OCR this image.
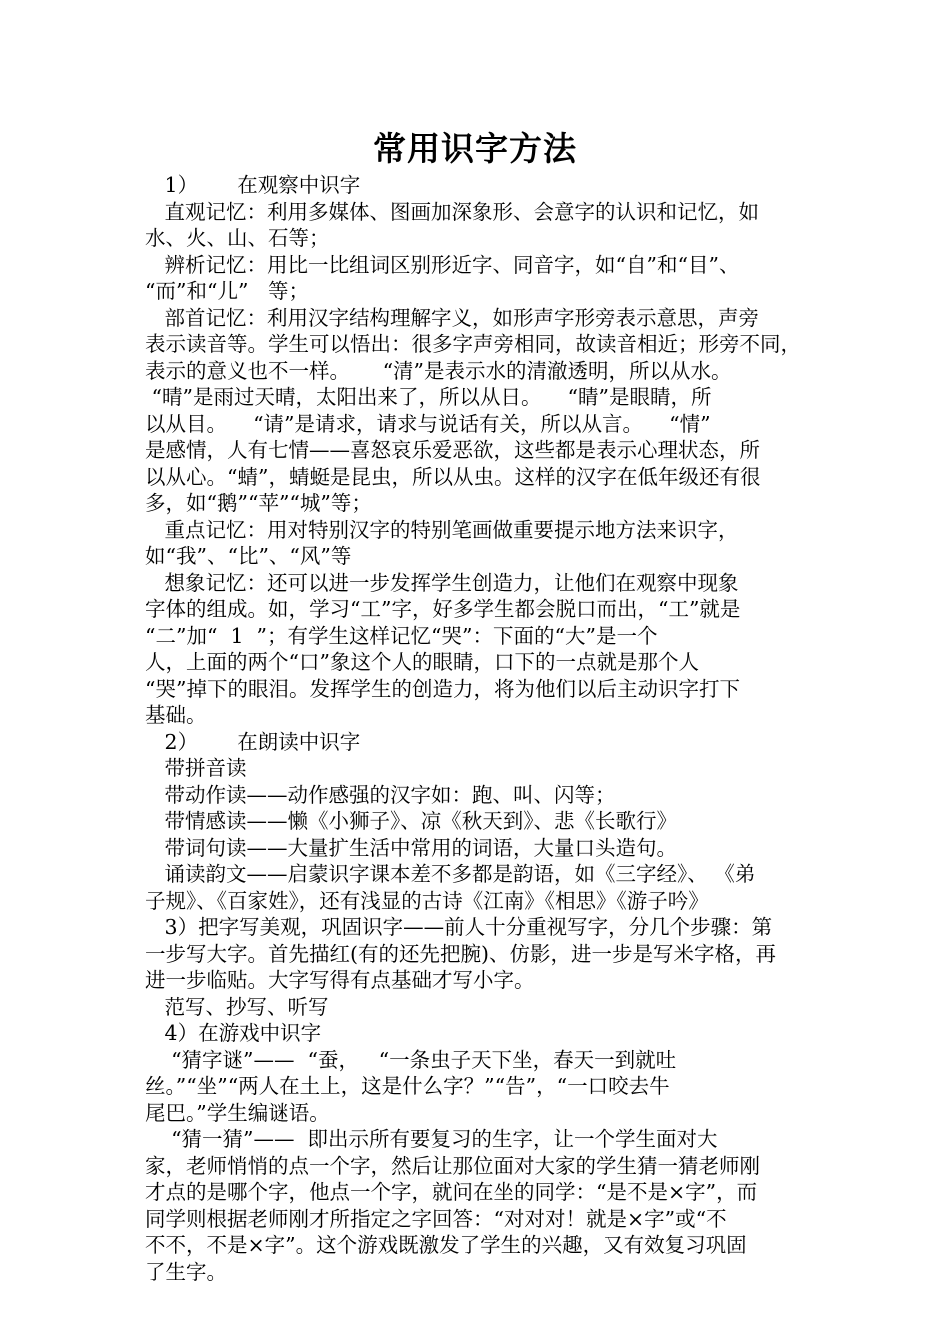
常用识字方法
1）      在观察中识字
直观记忆：利用多媒体、图画加深象形、会意字的认识和记忆，如
水、火、山、石等；
辨析记忆：用比一比组词区别形近字、同音字，如“自”和“目”、
“而”和“儿”   等；
部首记忆：利用汉字结构理解字义，如形声字形旁表示意思，声旁
表示读音等。学生可以悟出：很多字声旁相同，故读音相近；形旁不同，
表示的意义也不一样。     “清”是表示水的清澈透明，所以从水。
“晴”是雨过天晴，太阳出来了，所以从日。    “睛”是眼睛，所
以从目。    “请”是请求，请求与说话有关，所以从言。    “情”
是感情，人有七情——喜怒哀乐爱恶欲，这些都是表示心理状态，所
以从心。“蜻”，蜻蜓是昆虫，所以从虫。这样的汉字在低年级还有很
多，如“鹅”“苹”“城”等；
重点记忆：用对特别汉字的特别笔画做重要提示地方法来识字，
如“我”、“比”、“风”等
想象记忆：还可以进一步发挥学生创造力，让他们在观察中现象
字体的组成。如，学习“工”字，好多学生都会脱口而出，“工”就是
“二”加“  1  ”；有学生这样记忆“哭”：下面的“大”是一个
人，上面的两个“口”象这个人的眼睛，口下的一点就是那个人
“哭”掉下的眼泪。发挥学生的创造力，将为他们以后主动识字打下
基础。
2）      在朗读中识字
带拼音读
带动作读——动作感强的汉字如：跑、叫、闪等；
带情感读——懒《小狮子》、凉《秋天到》、悲《长歌行》
带词句读——大量扩生活中常用的词语，大量口头造句。
诵读韵文——启蒙识字课本差不多都是韵语，如《三字经》、 《弟
子规》、《百家姓》，还有浅显的古诗《江南》《相思》《游子吟》
3）把字写美观，巩固识字——前人十分重视写字，分几个步骤：第
一步写大字。首先描红(有的还先把腕)、仿影，进一步是写米字格，再
进一步临贴。大字写得有点基础才写小字。
范写、抄写、听写
4）在游戏中识字
“猜字谜”——  “蚕，   “一条虫子天下坐，春天一到就吐
丝。”“坐”“两人在土上，这是什么字？”“告”，“一口咬去牛
尾巴。”学生编谜语。
“猜一猜”——  即出示所有要复习的生字，让一个学生面对大
家，老师悄悄的点一个字，然后让那位面对大家的学生猜一猜老师刚
才点的是哪个字，他点一个字，就问在坐的同学：“是不是×字”，而
同学则根据老师刚才所指定之字回答：“对对对！就是×字”或“不
不不，不是×字”。这个游戏既激发了学生的兴趣，又有效复习巩固
了生字。
